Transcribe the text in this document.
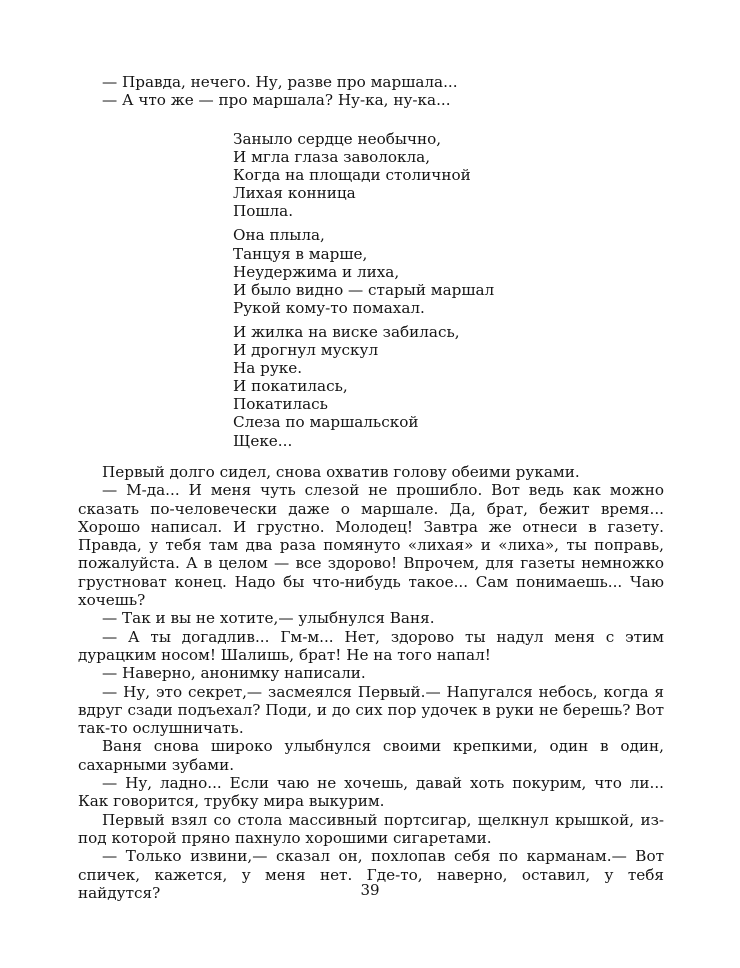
— Правда, нечего. Ну, разве про маршала...

— А что же — про маршала? Ну-ка, ну-ка...

Заныло сердце необычно,
И мгла глаза заволокла,
Когда на площади столичной
Лихая конница
Пошла.
Она плыла,
Танцуя в марше,
Неудержима и лиха,
И было видно — старый маршал
Рукой кому-то помахал.
И жилка на виске забилась,
И дрогнул мускул
На руке.
И покатилась,
Покатилась
Слеза по маршальской
Щеке...

Первый долго сидел, снова охватив голову обеими руками.

— М-да... И меня чуть слезой не прошибло. Вот ведь как можно сказать по-человечески даже о маршале. Да, брат, бежит время... Хорошо написал. И грустно. Молодец! Завтра же отнеси в газету. Правда, у тебя там два раза помянуто «лихая» и «лиха», ты поправь, пожалуйста. А в целом — все здорово! Впрочем, для газеты немножко грустноват конец. Надо бы что-нибудь такое... Сам понимаешь... Чаю хочешь?

— Так и вы не хотите,— улыбнулся Ваня.

— А ты догадлив... Гм-м... Нет, здорово ты надул меня с этим дурацким носом! Шалишь, брат! Не на того напал!

— Наверно, анонимку написали.

— Ну, это секрет,— засмеялся Первый.— Напугался небось, когда я вдруг сзади подъехал? Поди, и до сих пор удочек в руки не берешь? Вот так-то ослушничать.

Ваня снова широко улыбнулся своими крепкими, один в один, сахарными зубами.

— Ну, ладно... Если чаю не хочешь, давай хоть покурим, что ли... Как говорится, трубку мира выкурим.

Первый взял со стола массивный портсигар, щелкнул крышкой, из-под которой пряно пахнуло хорошими сигаретами.

— Только извини,— сказал он, похлопав себя по карманам.— Вот спичек, кажется, у меня нет. Где-то, наверно, оставил, у тебя найдутся?	39
